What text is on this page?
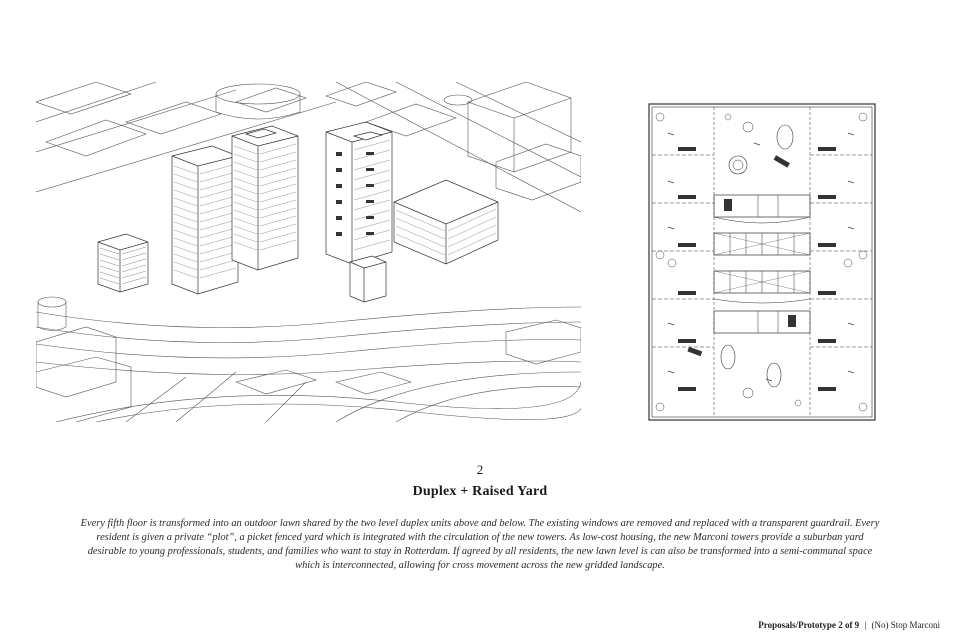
2
Duplex + Raised Yard
Every fifth floor is transformed into an outdoor lawn shared by the two level duplex units above and below. The existing windows are removed and replaced with a transparent guardrail. Every resident is given a private “plot”, a picket fenced yard which is integrated with the circulation of the new towers. As low-cost housing, the new Marconi towers provide a suburban yard desirable to young professionals, students, and families who want to stay in Rotterdam. If agreed by all residents, the new lawn level is can also be transformed into a semi-communal space which is interconnected, allowing for cross movement across the new gridded landscape.
Proposals/Prototype 2 of 9 | (No) Stop Marconi
